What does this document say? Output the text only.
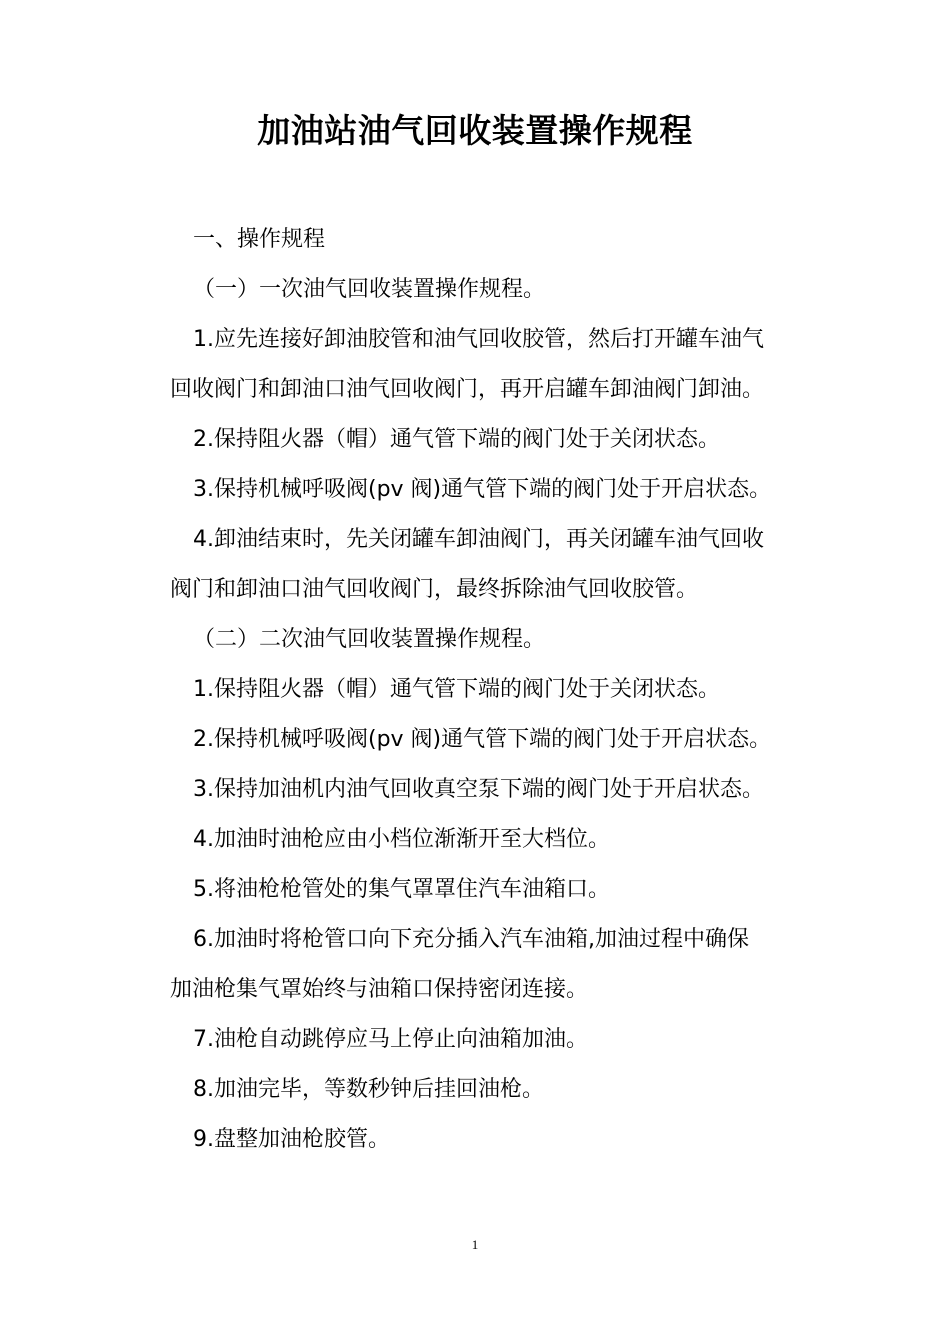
加油站油气回收装置操作规程

一、操作规程

（一）一次油气回收装置操作规程。

1.应先连接好卸油胶管和油气回收胶管，然后打开罐车油气

回收阀门和卸油口油气回收阀门，再开启罐车卸油阀门卸油。

2.保持阻火器（帽）通气管下端的阀门处于关闭状态。

3.保持机械呼吸阀(pv 阀)通气管下端的阀门处于开启状态。

4.卸油结束时，先关闭罐车卸油阀门，再关闭罐车油气回收

阀门和卸油口油气回收阀门，最终拆除油气回收胶管。

（二）二次油气回收装置操作规程。

1.保持阻火器（帽）通气管下端的阀门处于关闭状态。

2.保持机械呼吸阀(pv 阀)通气管下端的阀门处于开启状态。

3.保持加油机内油气回收真空泵下端的阀门处于开启状态。

4.加油时油枪应由小档位渐渐开至大档位。

5.将油枪枪管处的集气罩罩住汽车油箱口。

6.加油时将枪管口向下充分插入汽车油箱,加油过程中确保

加油枪集气罩始终与油箱口保持密闭连接。

7.油枪自动跳停应马上停止向油箱加油。

8.加油完毕，等数秒钟后挂回油枪。

9.盘整加油枪胶管。

1
